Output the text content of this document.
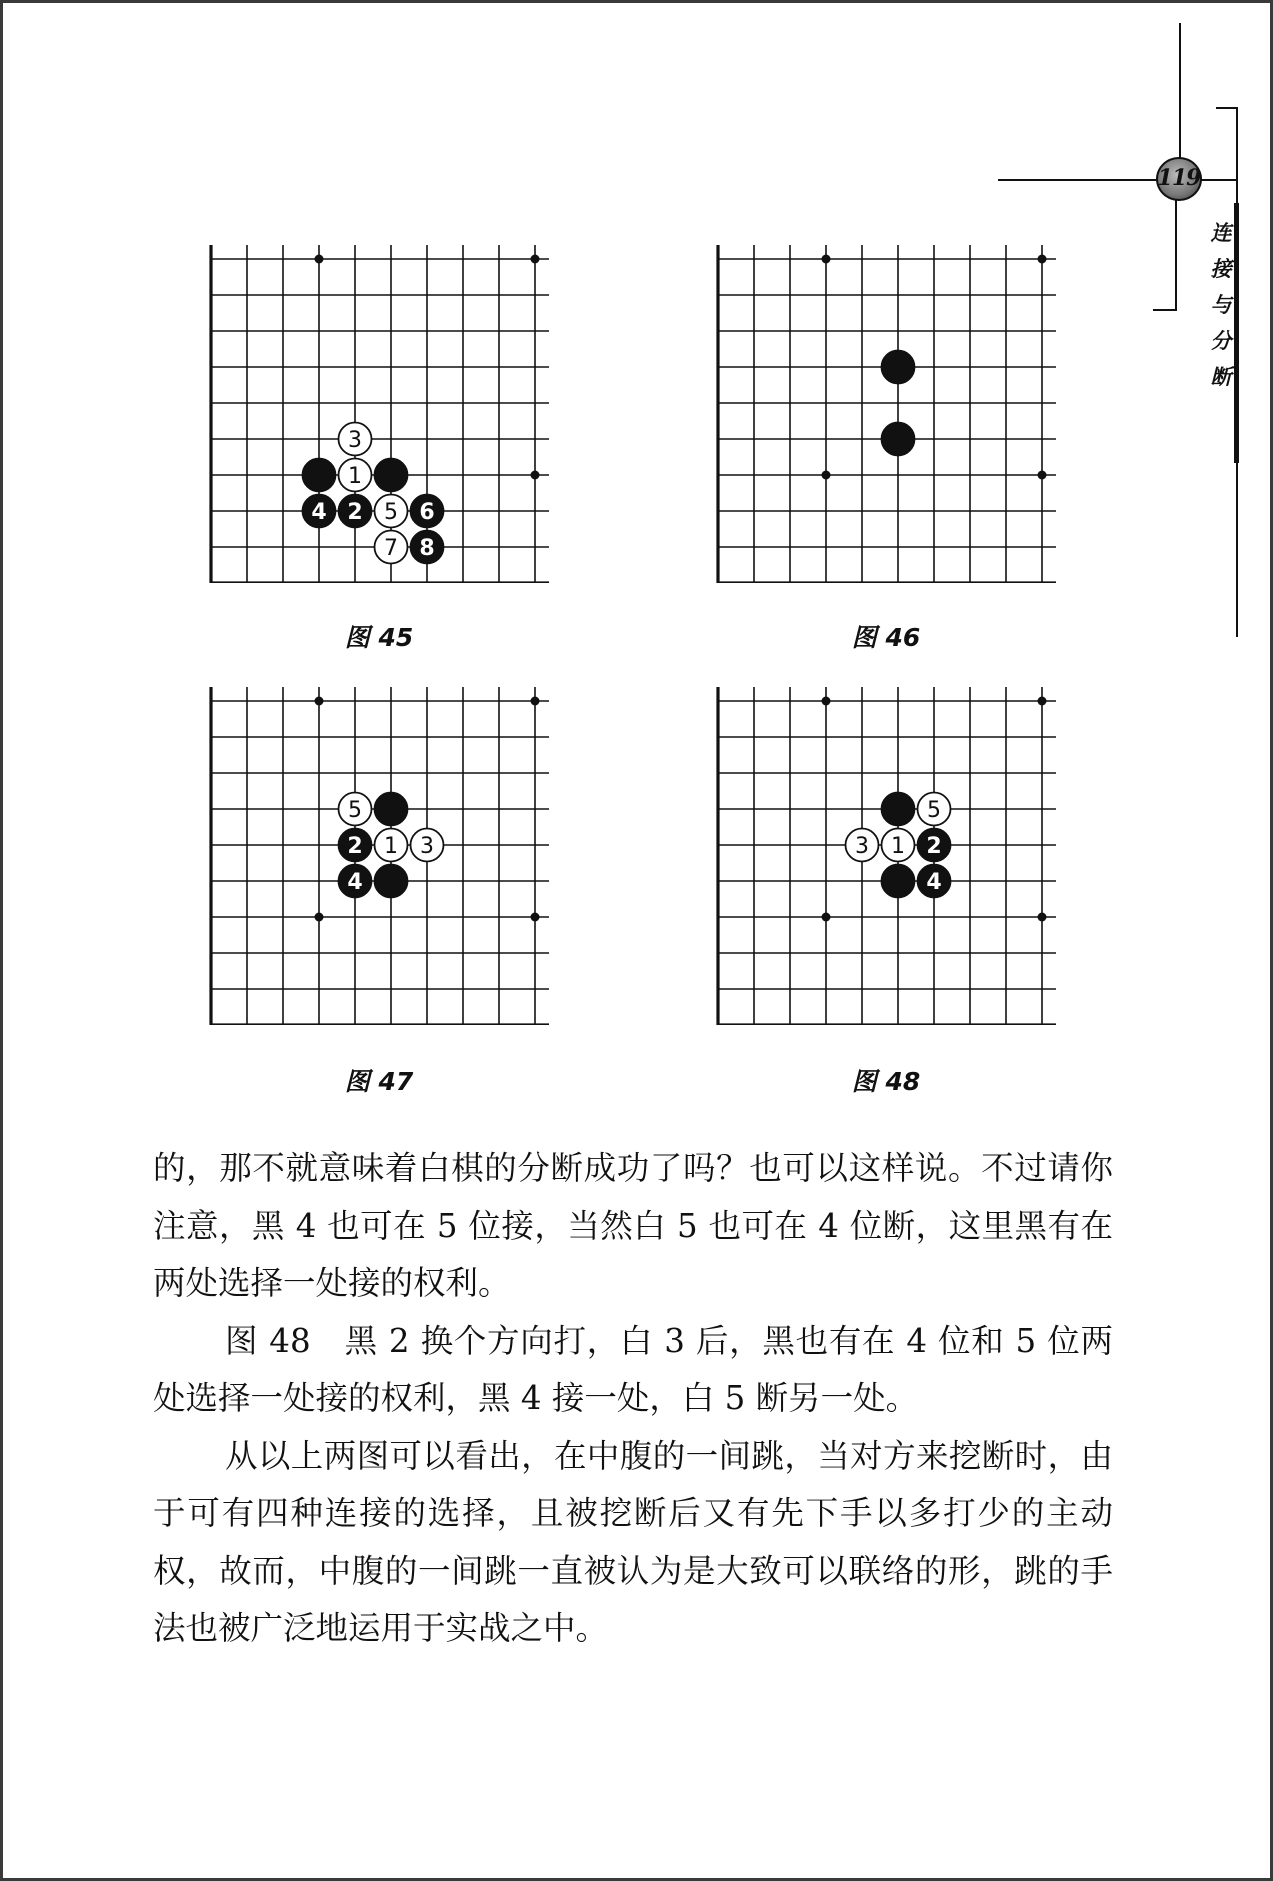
119
连
接
与
分
断
3
1
4 2 5 6
7 8
5
2 1 3
4
5
3 1 2
4
图 45	图 46
图 47	图 48

的，那不就意味着白棋的分断成功了吗？也可以这样说。不过请你注意，黑 4 也可在 5 位接，当然白 5 也可在 4 位断，这里黑有在两处选择一处接的权利。

图 48　黑 2 换个方向打，白 3 后，黑也有在 4 位和 5 位两处选择一处接的权利，黑 4 接一处，白 5 断另一处。

从以上两图可以看出，在中腹的一间跳，当对方来挖断时，由于可有四种连接的选择，且被挖断后又有先下手以多打少的主动权，故而，中腹的一间跳一直被认为是大致可以联络的形，跳的手法也被广泛地运用于实战之中。
